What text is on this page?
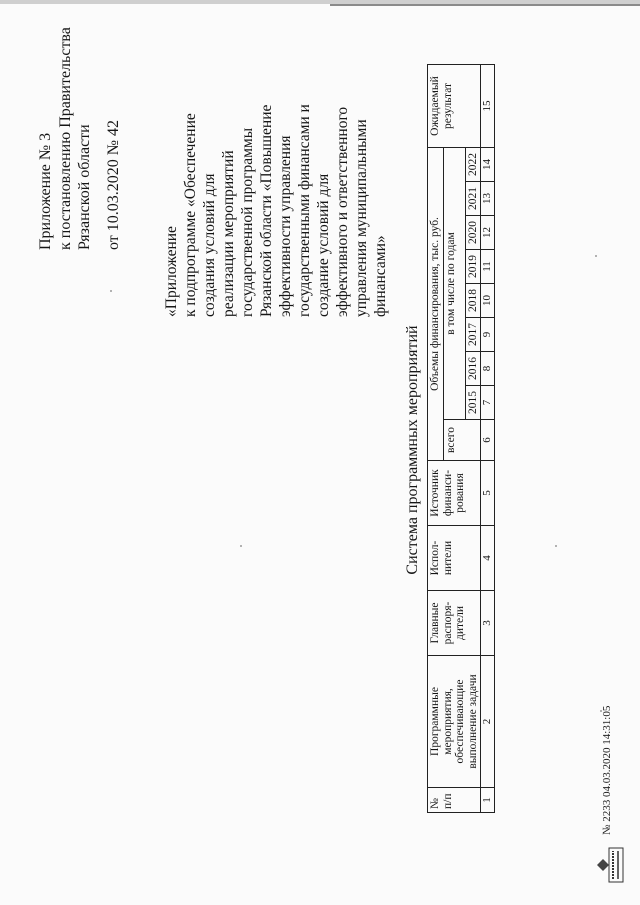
Приложение № 3 к постановлению Правительства Рязанской области от 10.03.2020 № 42
«Приложение к подпрограмме «Обеспечение создания условий для реализации мероприятий государственной программы Рязанской области «Повышение эффективности управления государственными финансами и создание условий для эффективного и ответственного управления муниципальными финансами»
Система программных мероприятий
№ п/п	Программные мероприятия, обеспечивающие выполнение задачи	Главные распоря-дители	Испол-нители	Источник финанси-рования	Объемы финансирования, тыс. руб.									Ожидаемый результат
					всего	в том числе по годам								
						2015	2016	2017	2018	2019	2020	2021	2022	
1	2	3	4	5	6	7	8	9	10	11	12	13	14	15
№ 2233 04.03.2020 14:31:05
